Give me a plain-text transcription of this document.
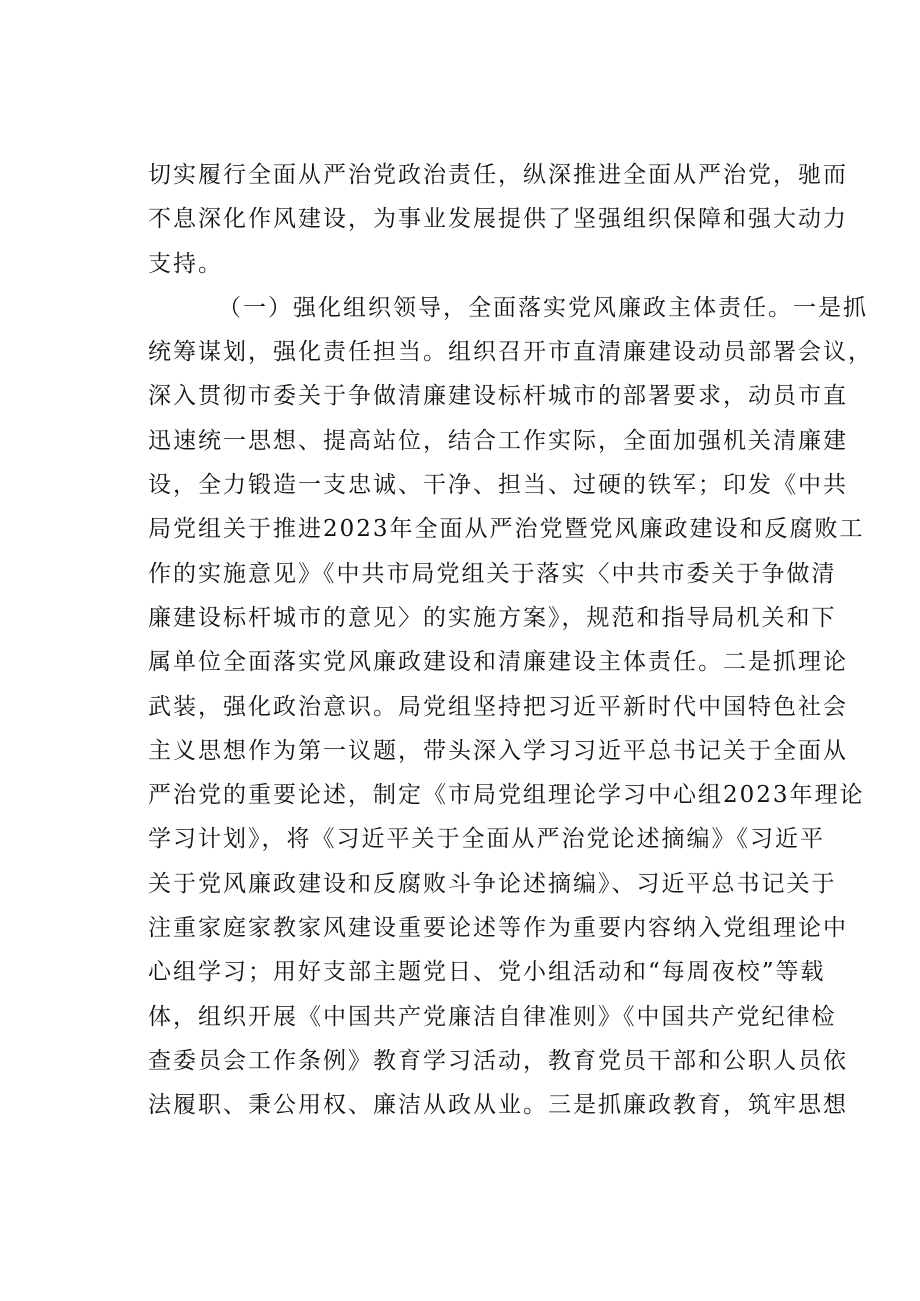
切实履行全面从严治党政治责任，纵深推进全面从严治党，驰而
不息深化作风建设，为事业发展提供了坚强组织保障和强大动力
支持。
（一）强化组织领导，全面落实党风廉政主体责任。一是抓
统筹谋划，强化责任担当。组织召开市直清廉建设动员部署会议，
深入贯彻市委关于争做清廉建设标杆城市的部署要求，动员市直
迅速统一思想、提高站位，结合工作实际，全面加强机关清廉建
设，全力锻造一支忠诚、干净、担当、过硬的铁军；印发《中共
局党组关于推进2023年全面从严治党暨党风廉政建设和反腐败工
作的实施意见》《中共市局党组关于落实〈中共市委关于争做清
廉建设标杆城市的意见〉的实施方案》，规范和指导局机关和下
属单位全面落实党风廉政建设和清廉建设主体责任。二是抓理论
武装，强化政治意识。局党组坚持把习近平新时代中国特色社会
主义思想作为第一议题，带头深入学习习近平总书记关于全面从
严治党的重要论述，制定《市局党组理论学习中心组2023年理论
学习计划》，将《习近平关于全面从严治党论述摘编》《习近平
关于党风廉政建设和反腐败斗争论述摘编》、习近平总书记关于
注重家庭家教家风建设重要论述等作为重要内容纳入党组理论中
心组学习；用好支部主题党日、党小组活动和“每周夜校”等载
体，组织开展《中国共产党廉洁自律准则》《中国共产党纪律检
查委员会工作条例》教育学习活动，教育党员干部和公职人员依
法履职、秉公用权、廉洁从政从业。三是抓廉政教育，筑牢思想
